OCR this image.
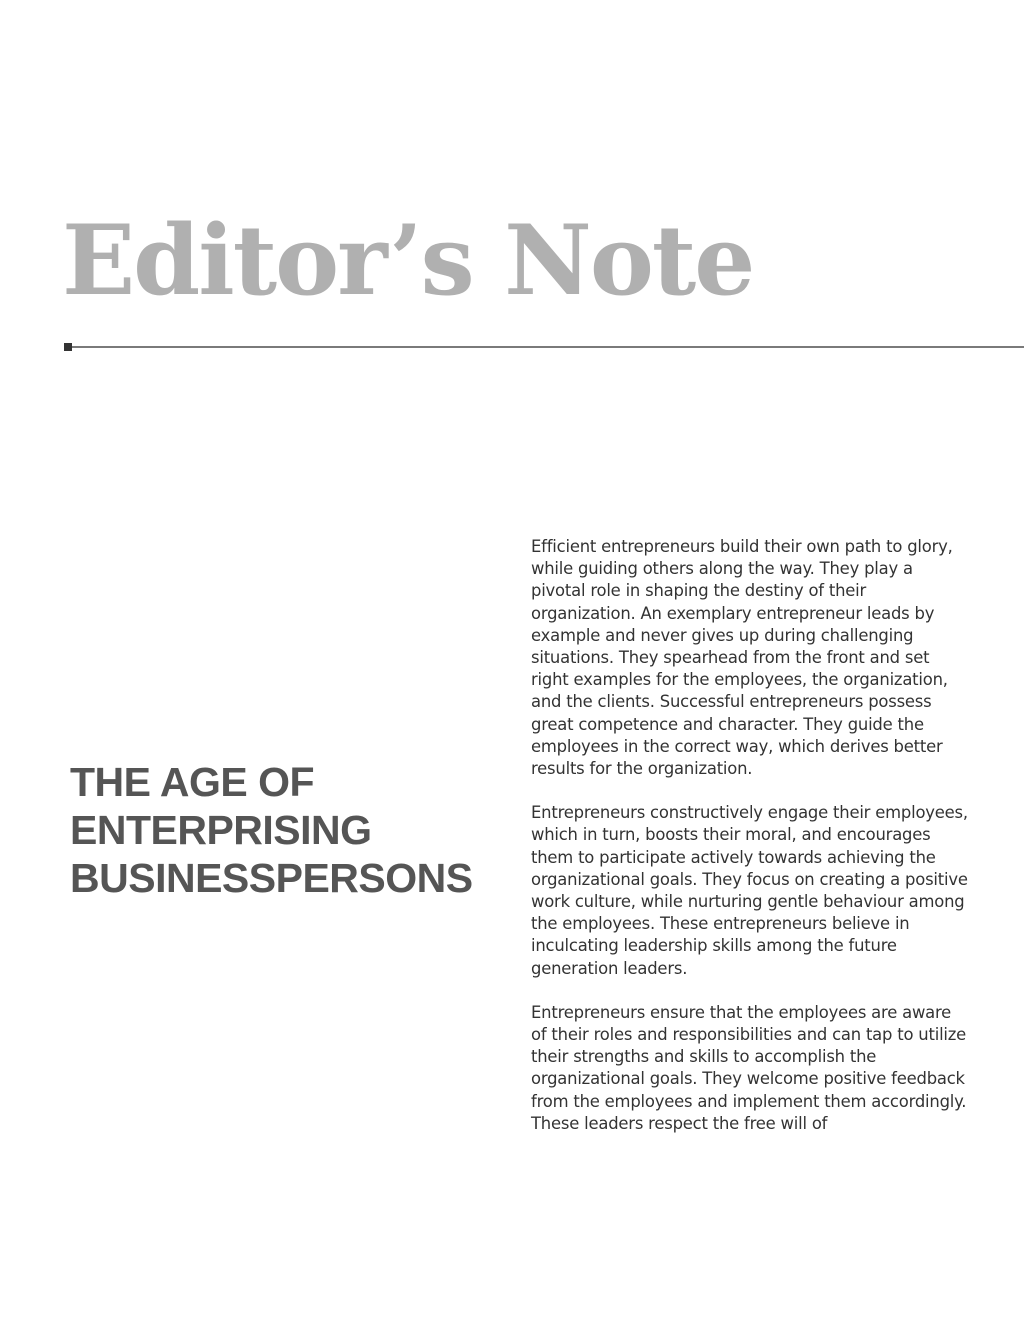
Editor’s Note
THE AGE OF
ENTERPRISING
BUSINESSPERSONS

Efficient entrepreneurs build their own path to glory, while guiding others along the way. They play a pivotal role in shaping the destiny of their organization. An exemplary entrepreneur leads by example and never gives up during challenging situations. They spearhead from the front and set right examples for the employees, the organization, and the clients. Successful entrepreneurs possess great competence and character. They guide the employees in the correct way, which derives better results for the organization.

Entrepreneurs constructively engage their employees, which in turn, boosts their moral, and encourages them to participate actively towards achieving the organizational goals. They focus on creating a positive work culture, while nurturing gentle behaviour among the employees. These entrepreneurs believe in inculcating leadership skills among the future generation leaders.

Entrepreneurs ensure that the employees are aware of their roles and responsibilities and can tap to utilize their strengths and skills to accomplish the organizational goals. They welcome positive feedback from the employees and implement them accordingly. These leaders respect the free will of
